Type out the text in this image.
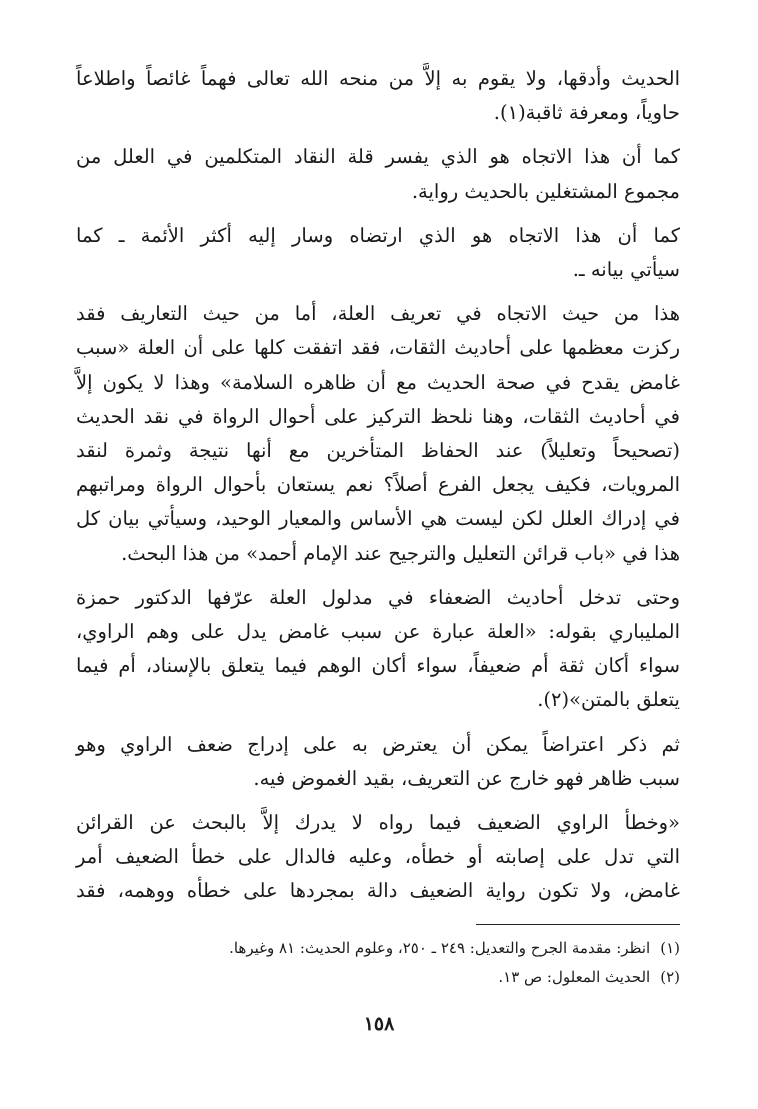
الحديث وأدقها، ولا يقوم به إلاَّ من منحه الله تعالى فهماً غائصاً واطلاعاً
حاوياً، ومعرفة ثاقبة(١).

كما أن هذا الاتجاه هو الذي يفسر قلة النقاد المتكلمين في العلل من
مجموع المشتغلين بالحديث رواية.

كما أن هذا الاتجاه هو الذي ارتضاه وسار إليه أكثر الأئمة ـ كما
سيأتي بيانه ـ.

هذا من حيث الاتجاه في تعريف العلة، أما من حيث التعاريف فقد
ركزت معظمها على أحاديث الثقات، فقد اتفقت كلها على أن العلة «سبب
غامض يقدح في صحة الحديث مع أن ظاهره السلامة» وهذا لا يكون إلاَّ
في أحاديث الثقات، وهنا نلحظ التركيز على أحوال الرواة في نقد الحديث
(تصحيحاً وتعليلاً) عند الحفاظ المتأخرين مع أنها نتيجة وثمرة لنقد
المرويات، فكيف يجعل الفرع أصلاً؟ نعم يستعان بأحوال الرواة ومراتبهم
في إدراك العلل لكن ليست هي الأساس والمعيار الوحيد، وسيأتي بيان كل
هذا في «باب قرائن التعليل والترجيح عند الإمام أحمد» من هذا البحث.

وحتى تدخل أحاديث الضعفاء في مدلول العلة عرّفها الدكتور حمزة
المليباري بقوله: «العلة عبارة عن سبب غامض يدل على وهم الراوي،
سواء أكان ثقة أم ضعيفاً، سواء أكان الوهم فيما يتعلق بالإسناد، أم فيما
يتعلق بالمتن»(٢).

ثم ذكر اعتراضاً يمكن أن يعترض به على إدراج ضعف الراوي وهو
سبب ظاهر فهو خارج عن التعريف، بقيد الغموض فيه.

«وخطأ الراوي الضعيف فيما رواه لا يدرك إلاَّ بالبحث عن القرائن
التي تدل على إصابته أو خطأه، وعليه فالدال على خطأ الضعيف أمر
غامض، ولا تكون رواية الضعيف دالة بمجردها على خطأه ووهمه، فقد

(١)انظر: مقدمة الجرح والتعديل: ٢٤٩ ـ ٢٥٠، وعلوم الحديث: ٨١ وغيرها.
(٢)الحديث المعلول: ص ١٣.
١٥٨
